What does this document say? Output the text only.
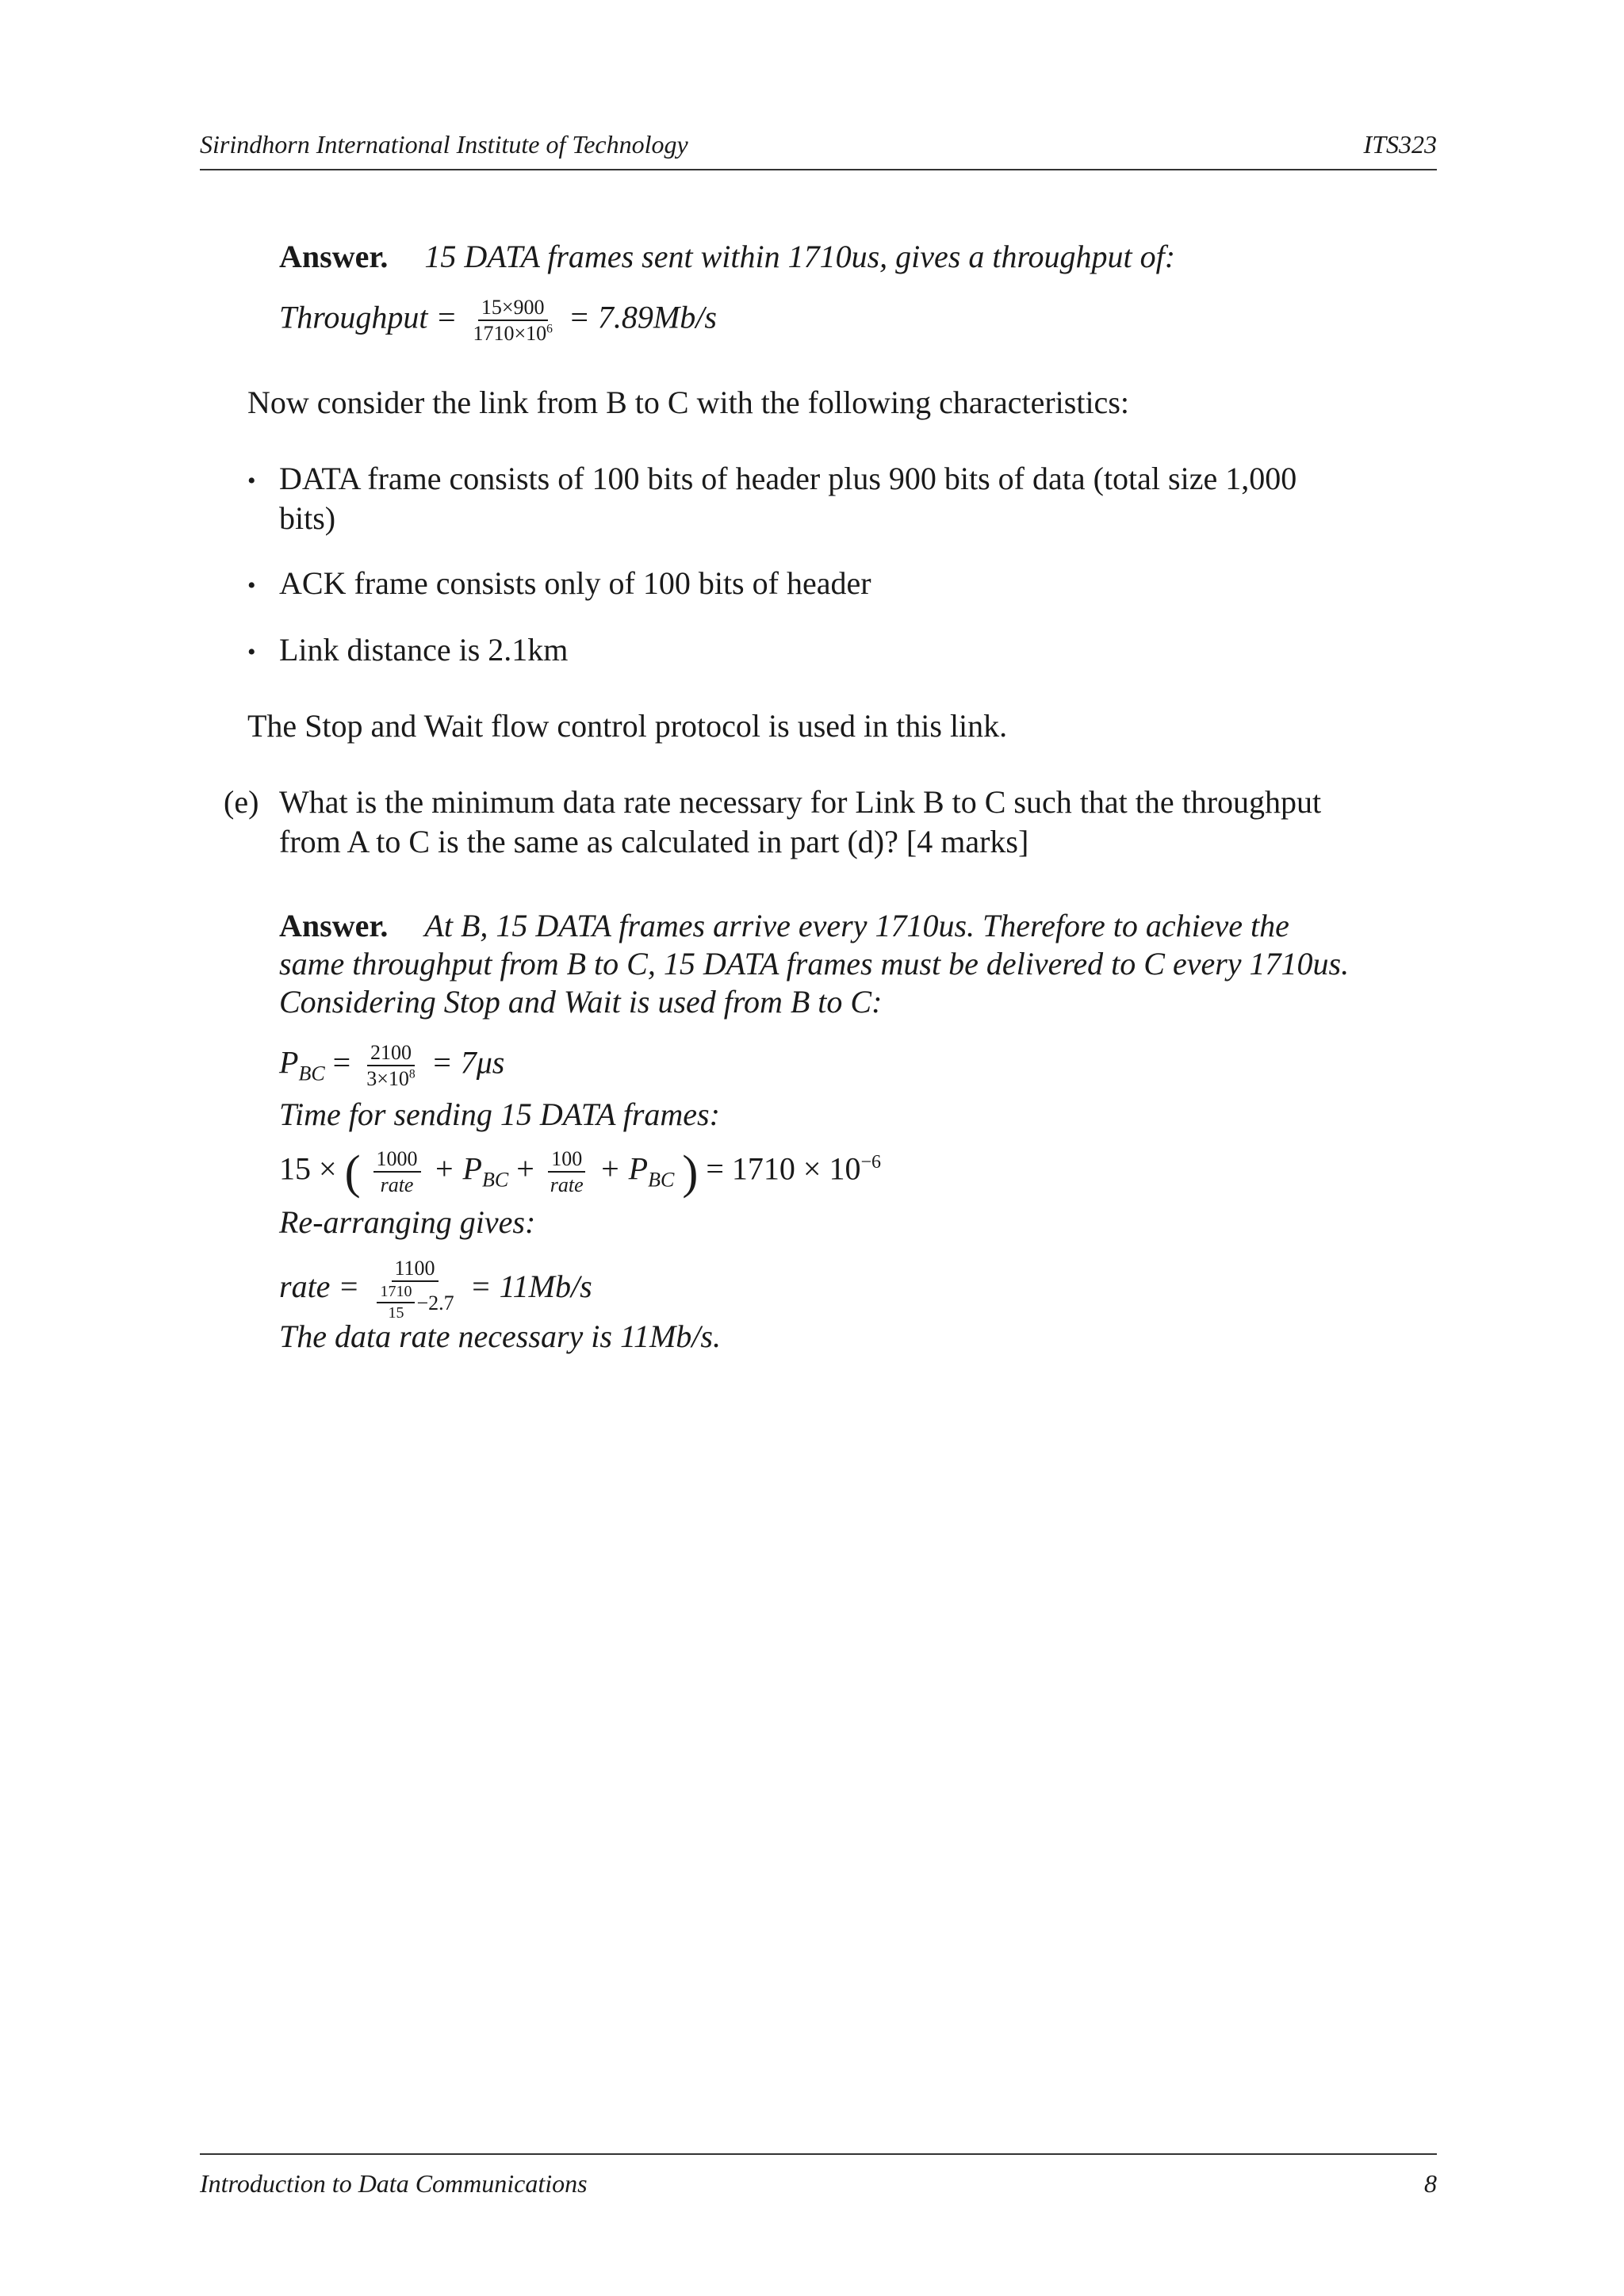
Sirindhorn International Institute of Technology	ITS323
Answer. 15 DATA frames sent within 1710us, gives a throughput of:
Throughput = $\frac{15\times 900}{1710\times 10^6} = 7.89Mb/s$
Now consider the link from B to C with the following characteristics:
• DATA frame consists of 100 bits of header plus 900 bits of data (total size 1,000
bits)
• ACK frame consists only of 100 bits of header
• Link distance is 2.1km
The Stop and Wait flow control protocol is used in this link.
(e) What is the minimum data rate necessary for Link B to C such that the throughput
from A to C is the same as calculated in part (d)? [4 marks]
Answer. At B, 15 DATA frames arrive every 1710us. Therefore to achieve the
same throughput from B to C, 15 DATA frames must be delivered to C every 1710us.
Considering Stop and Wait is used from B to C:
$P_{BC} = \frac{2100}{3\times 10^8} = 7\mu s$
Time for sending 15 DATA frames:
15 × ( $\frac{1000}{\text{rate}} + P_{BC} + \frac{100}{\text{rate}} + P_{BC}$ ) = $1710 \times 10^{-6}$
Re-arranging gives:
rate = $\frac{1100}{\frac{1710}{15} -2.7} = 11Mb/s$
The data rate necessary is 11Mb/s.
Introduction to Data Communications	8
